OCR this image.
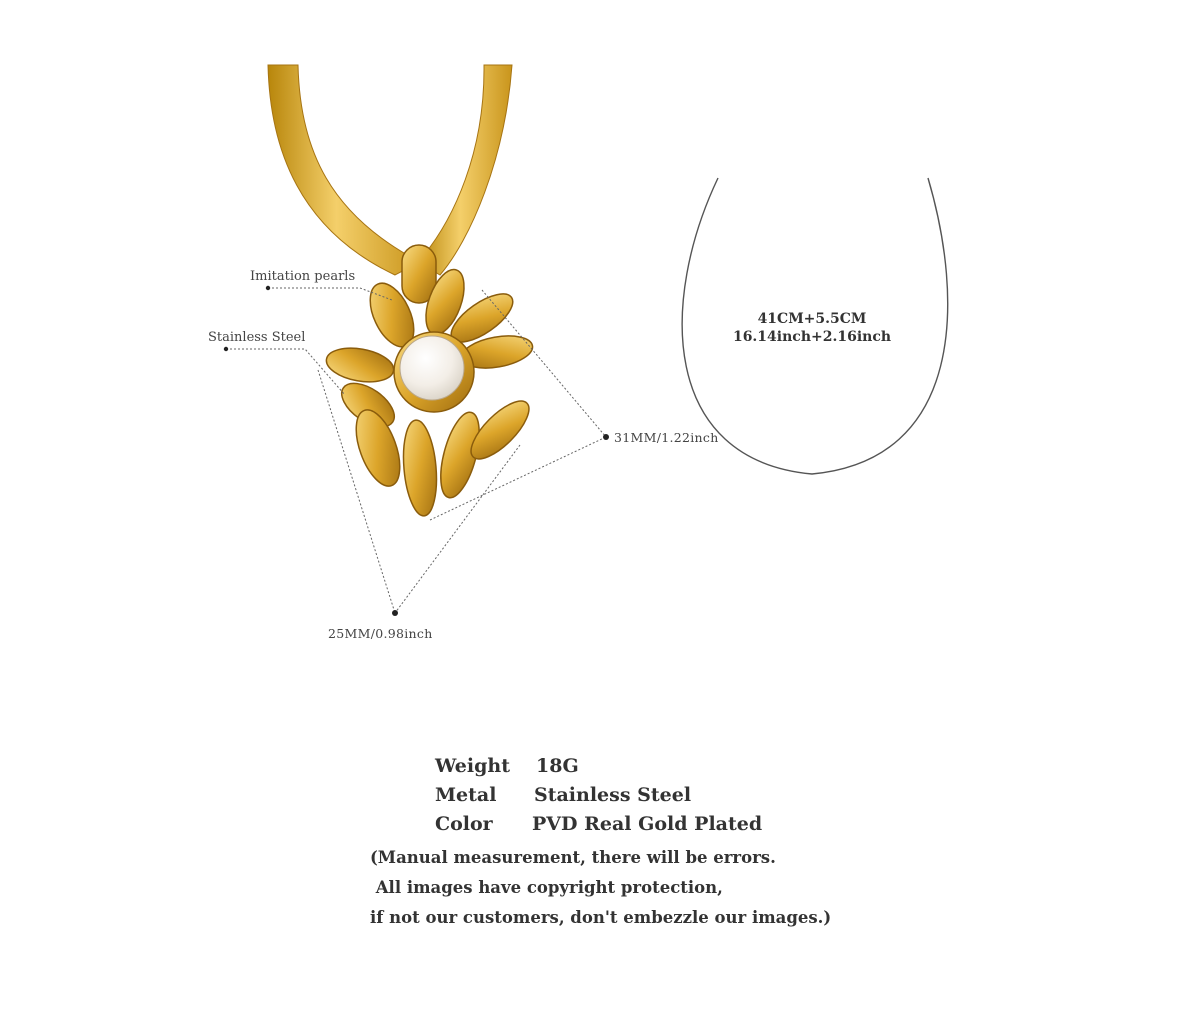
Imitation pearls
Stainless Steel
31MM/1.22inch
25MM/0.98inch
41CM+5.5CM
16.14inch+2.16inch
Weight 18G
Metal Stainless Steel
Color PVD Real Gold Plated
(Manual measurement, there will be errors.
All images have copyright protection,
if not our customers, don't embezzle our images.)
